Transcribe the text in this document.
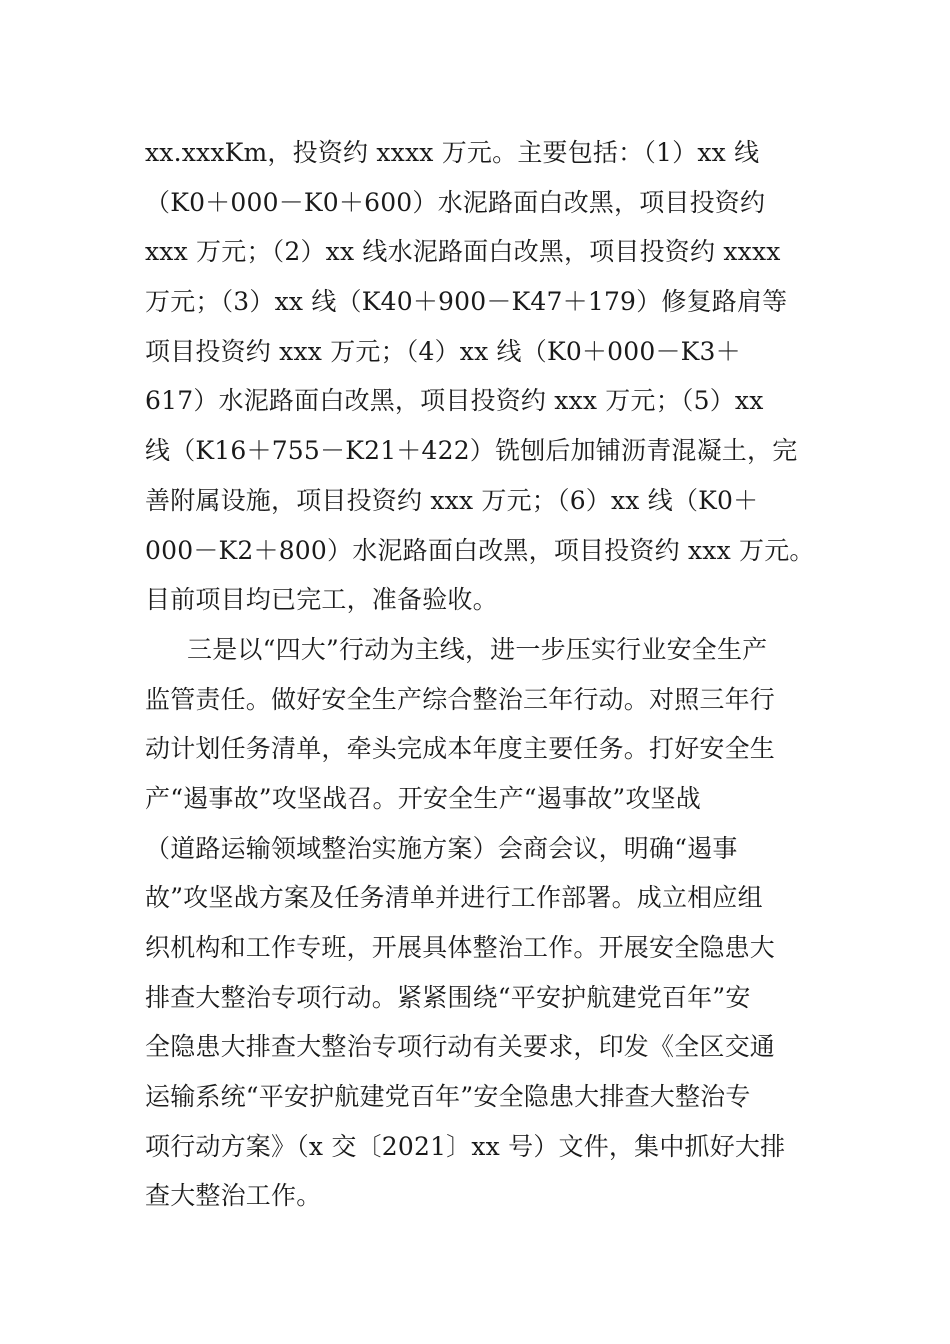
xx.xxxKm，投资约 xxxx 万元。主要包括：（1）xx 线
（K0＋000－K0＋600）水泥路面白改黑，项目投资约
xxx 万元；（2）xx 线水泥路面白改黑，项目投资约 xxxx
万元；（3）xx 线（K40＋900－K47＋179）修复路肩等
项目投资约 xxx 万元；（4）xx 线（K0＋000－K3＋
617）水泥路面白改黑，项目投资约 xxx 万元；（5）xx
线（K16＋755－K21＋422）铣刨后加铺沥青混凝土，完
善附属设施，项目投资约 xxx 万元；（6）xx 线（K0＋
000－K2＋800）水泥路面白改黑，项目投资约 xxx 万元。
目前项目均已完工，准备验收。
三是以“四大”行动为主线，进一步压实行业安全生产
监管责任。做好安全生产综合整治三年行动。对照三年行
动计划任务清单，牵头完成本年度主要任务。打好安全生
产“遏事故”攻坚战召。开安全生产“遏事故”攻坚战
（道路运输领域整治实施方案）会商会议，明确“遏事
故”攻坚战方案及任务清单并进行工作部署。成立相应组
织机构和工作专班，开展具体整治工作。开展安全隐患大
排查大整治专项行动。紧紧围绕“平安护航建党百年”安
全隐患大排查大整治专项行动有关要求，印发《全区交通
运输系统“平安护航建党百年”安全隐患大排查大整治专
项行动方案》（x 交〔2021〕xx 号）文件，集中抓好大排
查大整治工作。
